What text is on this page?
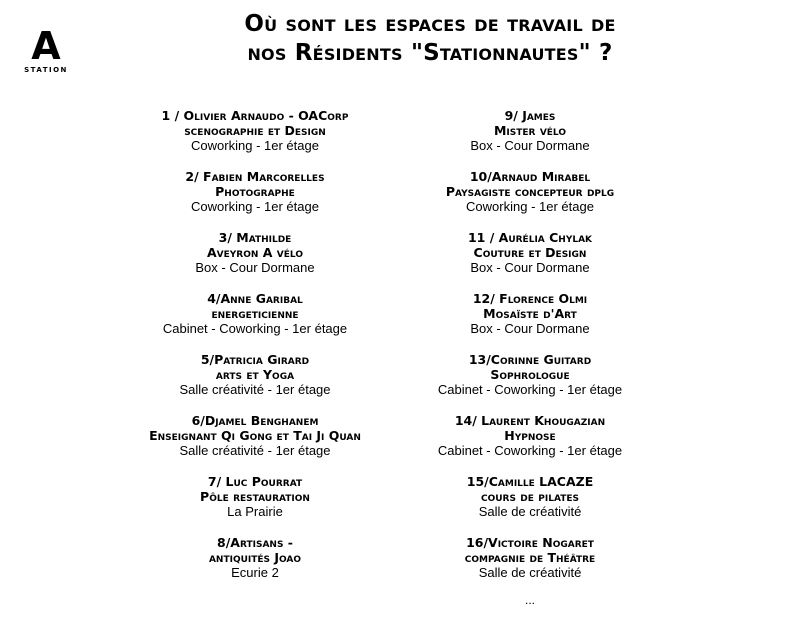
A
STATION
Où sont les espaces de travail de
nos Résidents "Stationnautes" ?
1 / Olivier Arnaudo - OACorp
scenographie et Design
Coworking - 1er étage
2/ Fabien Marcorelles
Photographe
Coworking - 1er étage
3/ Mathilde
Aveyron A vélo
Box - Cour Dormane
4/Anne Garibal
energeticienne
Cabinet - Coworking - 1er étage
5/Patricia Girard
arts et Yoga
Salle créativité - 1er étage
6/Djamel Benghanem
Enseignant Qi Gong et Tai Ji Quan
Salle créativité - 1er étage
7/ Luc Pourrat
Pôle restauration
La Prairie
8/Artisans -
antiquités Joao
Ecurie 2
9/ James
Mister vélo
Box - Cour Dormane
10/Arnaud Mirabel
Paysagiste concepteur dplg
Coworking - 1er étage
11 / Aurélia Chylak
Couture et Design
Box - Cour Dormane
12/ Florence Olmi
Mosaïste d'Art
Box - Cour Dormane
13/Corinne Guitard
Sophrologue
Cabinet - Coworking - 1er étage
14/ Laurent Khougazian
Hypnose
Cabinet - Coworking - 1er étage
15/Camille LACAZE
cours de pilates
Salle de créativité
16/Victoire Nogaret
compagnie de Théâtre
Salle de créativité
...
